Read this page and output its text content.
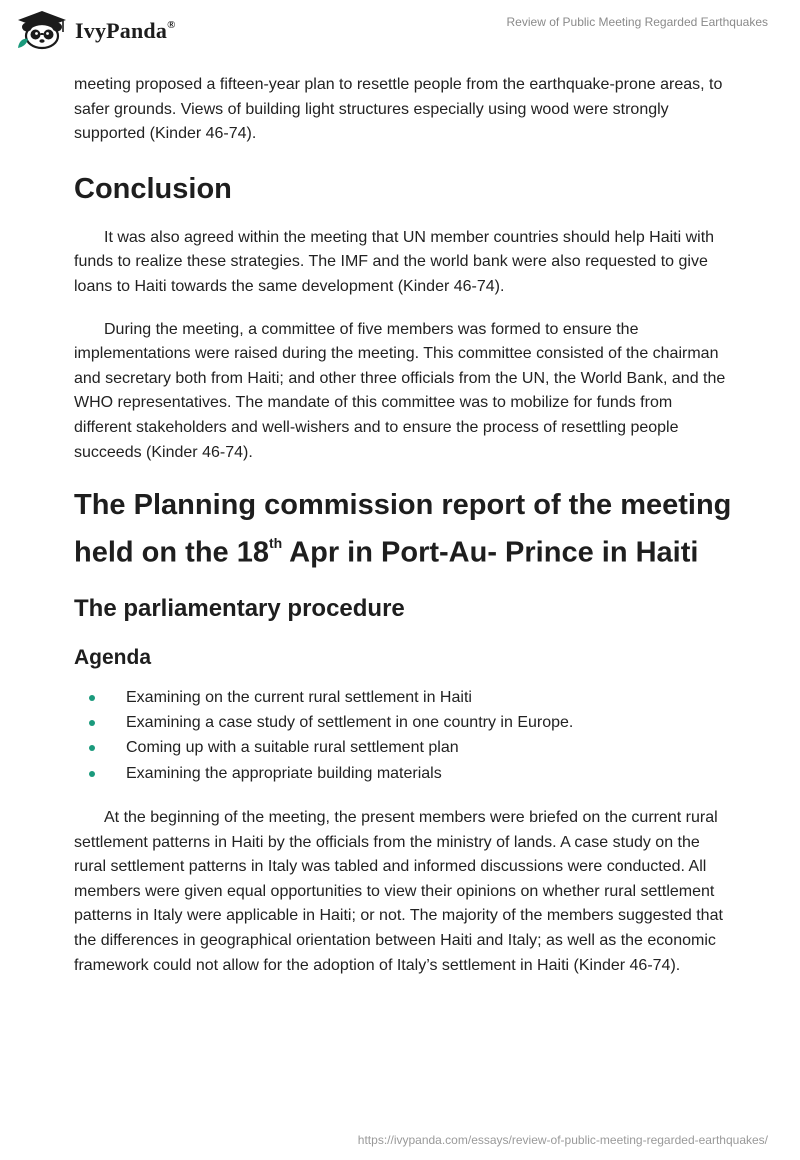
IvyPanda®	Review of Public Meeting Regarded Earthquakes

meeting proposed a fifteen-year plan to resettle people from the earthquake-prone areas, to safer grounds. Views of building light structures especially using wood were strongly supported (Kinder 46-74).

Conclusion

It was also agreed within the meeting that UN member countries should help Haiti with funds to realize these strategies. The IMF and the world bank were also requested to give loans to Haiti towards the same development (Kinder 46-74).

During the meeting, a committee of five members was formed to ensure the implementations were raised during the meeting. This committee consisted of the chairman and secretary both from Haiti; and other three officials from the UN, the World Bank, and the WHO representatives. The mandate of this committee was to mobilize for funds from different stakeholders and well-wishers and to ensure the process of resettling people succeeds (Kinder 46-74).

The Planning commission report of the meeting held on the 18th Apr in Port-Au- Prince in Haiti
The parliamentary procedure
Agenda
Examining on the current rural settlement in Haiti
Examining a case study of settlement in one country in Europe.
Coming up with a suitable rural settlement plan
Examining the appropriate building materials

At the beginning of the meeting, the present members were briefed on the current rural settlement patterns in Haiti by the officials from the ministry of lands. A case study on the rural settlement patterns in Italy was tabled and informed discussions were conducted. All members were given equal opportunities to view their opinions on whether rural settlement patterns in Italy were applicable in Haiti; or not. The majority of the members suggested that the differences in geographical orientation between Haiti and Italy; as well as the economic framework could not allow for the adoption of Italy’s settlement in Haiti (Kinder 46-74).

https://ivypanda.com/essays/review-of-public-meeting-regarded-earthquakes/
